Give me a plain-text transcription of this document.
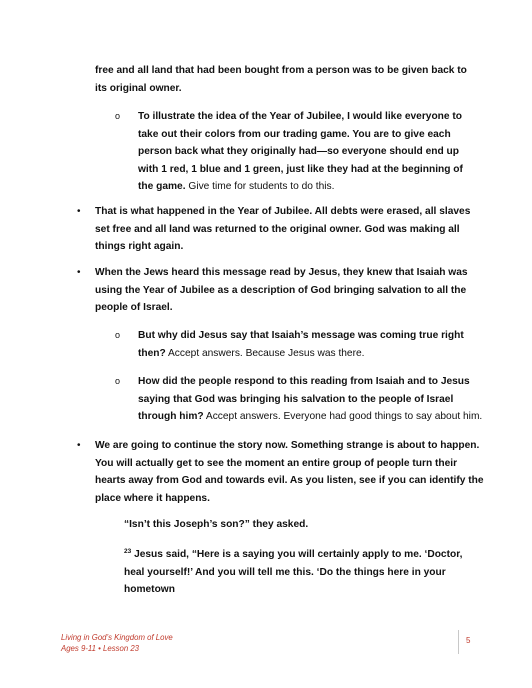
free and all land that had been bought from a person was to be given back to its original owner.

o To illustrate the idea of the Year of Jubilee, I would like everyone to take out their colors from our trading game. You are to give each person back what they originally had—so everyone should end up with 1 red, 1 blue and 1 green, just like they had at the beginning of the game. Give time for students to do this.

• That is what happened in the Year of Jubilee. All debts were erased, all slaves set free and all land was returned to the original owner. God was making all things right again.

• When the Jews heard this message read by Jesus, they knew that Isaiah was using the Year of Jubilee as a description of God bringing salvation to all the people of Israel.

o But why did Jesus say that Isaiah’s message was coming true right then? Accept answers. Because Jesus was there.

o How did the people respond to this reading from Isaiah and to Jesus saying that God was bringing his salvation to the people of Israel through him? Accept answers. Everyone had good things to say about him.

• We are going to continue the story now. Something strange is about to happen. You will actually get to see the moment an entire group of people turn their hearts away from God and towards evil. As you listen, see if you can identify the place where it happens.

“Isn’t this Joseph’s son?” they asked.

$^{23}$ Jesus said, “Here is a saying you will certainly apply to me. ‘Doctor, heal yourself!’ And you will tell me this. ‘Do the things here in your hometown

Living in God’s Kingdom of Love
Ages 9-11 • Lesson 23
5
